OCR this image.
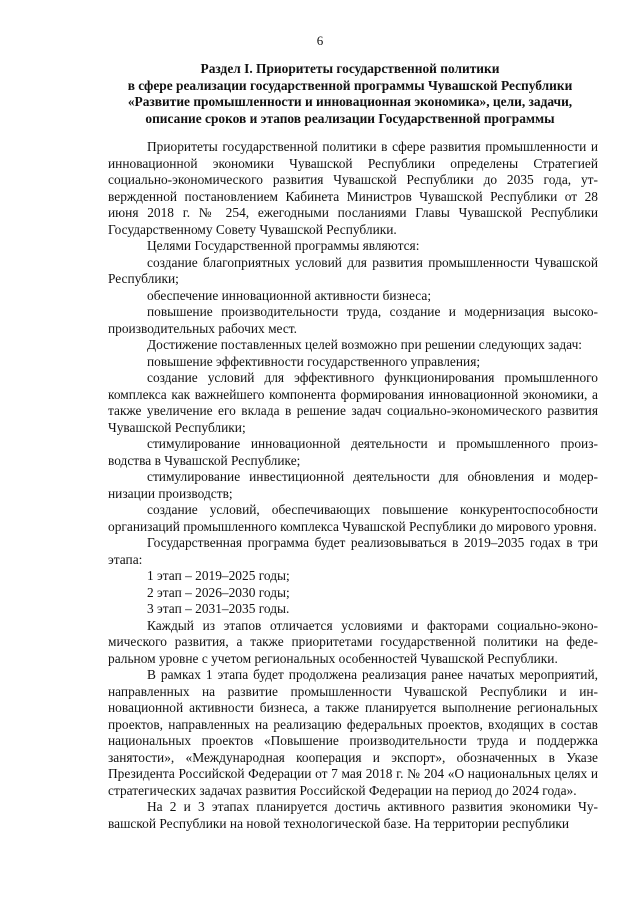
6
Раздел I. Приоритеты государственной политики
в сфере реализации государственной программы Чувашской Республики
«Развитие промышленности и инновационная экономика», цели, задачи,
описание сроков и этапов реализации Государственной программы

Приоритеты государственной политики в сфере развития промышленности и инновационной экономики Чувашской Республики определены Стратегией социально-экономического развития Чувашской Республики до 2035 года, утвержденной постановлением Кабинета Министров Чувашской Республики от 28 июня 2018 г. № 254, ежегодными посланиями Главы Чувашской Республики Государственному Совету Чувашской Республики.

Целями Государственной программы являются:

создание благоприятных условий для развития промышленности Чувашской Республики;

обеспечение инновационной активности бизнеса;

повышение производительности труда, создание и модернизация высокопроизводительных рабочих мест.

Достижение поставленных целей возможно при решении следующих задач:

повышение эффективности государственного управления;

создание условий для эффективного функционирования промышленного комплекса как важнейшего компонента формирования инновационной экономики, а также увеличение его вклада в решение задач социально-экономического развития Чувашской Республики;

стимулирование инновационной деятельности и промышленного производства в Чувашской Республике;

стимулирование инвестиционной деятельности для обновления и модернизации производств;

создание условий, обеспечивающих повышение конкурентоспособности организаций промышленного комплекса Чувашской Республики до мирового уровня.

Государственная программа будет реализовываться в 2019–2035 годах в три этапа:

1 этап – 2019–2025 годы;

2 этап – 2026–2030 годы;

3 этап – 2031–2035 годы.

Каждый из этапов отличается условиями и факторами социально-экономического развития, а также приоритетами государственной политики на федеральном уровне с учетом региональных особенностей Чувашской Республики.

В рамках 1 этапа будет продолжена реализация ранее начатых мероприятий, направленных на развитие промышленности Чувашской Республики и инновационной активности бизнеса, а также планируется выполнение региональных проектов, направленных на реализацию федеральных проектов, входящих в состав национальных проектов «Повышение производительности труда и поддержка занятости», «Международная кооперация и экспорт», обозначенных в Указе Президента Российской Федерации от 7 мая 2018 г. № 204 «О национальных целях и стратегических задачах развития Российской Федерации на период до 2024 года».

На 2 и 3 этапах планируется достичь активного развития экономики Чувашской Республики на новой технологической базе. На территории республики
